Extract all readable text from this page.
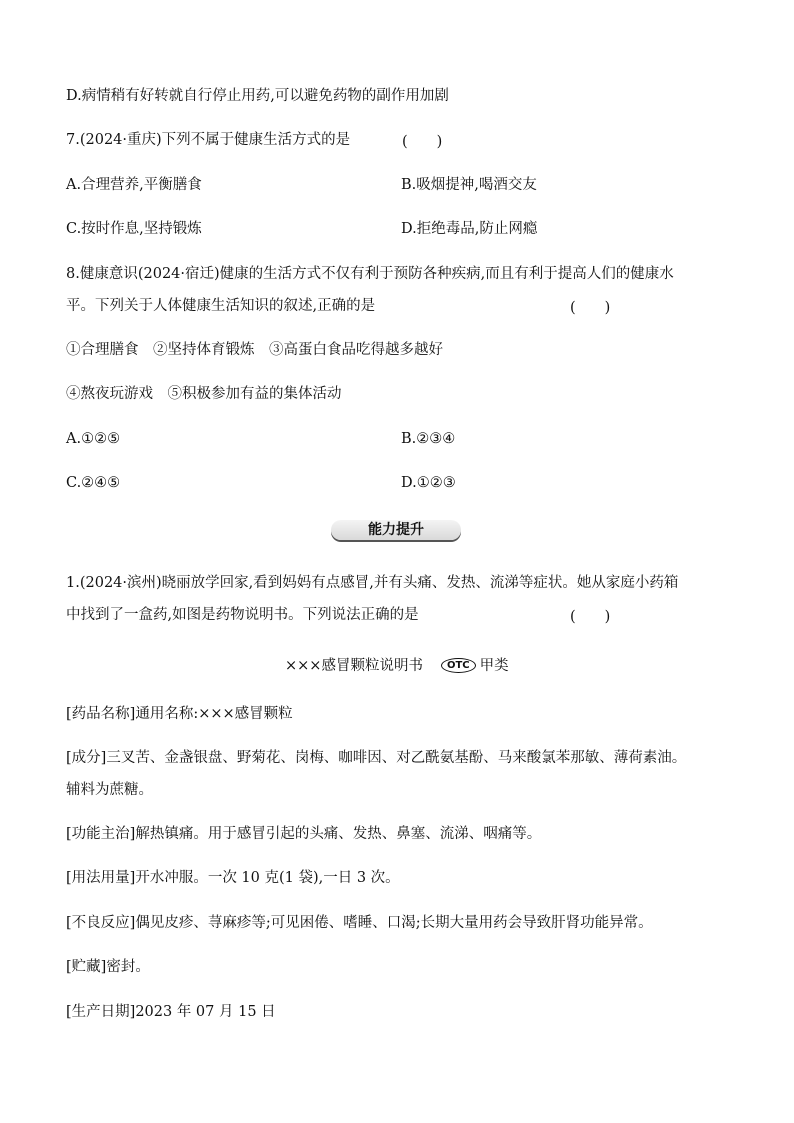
D.病情稍有好转就自行停止用药,可以避免药物的副作用加剧
7.(2024·重庆)下列不属于健康生活方式的是	(　　)
A.合理营养,平衡膳食	B.吸烟提神,喝酒交友
C.按时作息,坚持锻炼	D.拒绝毒品,防止网瘾
8.健康意识(2024·宿迁)健康的生活方式不仅有利于预防各种疾病,而且有利于提高人们的健康水
平。下列关于人体健康生活知识的叙述,正确的是	(　　)
①合理膳食　②坚持体育锻炼　③高蛋白食品吃得越多越好
④熬夜玩游戏　⑤积极参加有益的集体活动
A.①②⑤	B.②③④
C.②④⑤	D.①②③
能力提升
1.(2024·滨州)晓丽放学回家,看到妈妈有点感冒,并有头痛、发热、流涕等症状。她从家庭小药箱
中找到了一盒药,如图是药物说明书。下列说法正确的是	(　　)
×××感冒颗粒说明书 OTC 甲类
[药品名称]通用名称:×××感冒颗粒
[成分]三叉苦、金盏银盘、野菊花、岗梅、咖啡因、对乙酰氨基酚、马来酸氯苯那敏、薄荷素油。
辅料为蔗糖。
[功能主治]解热镇痛。用于感冒引起的头痛、发热、鼻塞、流涕、咽痛等。
[用法用量]开水冲服。一次 10 克(1 袋),一日 3 次。
[不良反应]偶见皮疹、荨麻疹等;可见困倦、嗜睡、口渴;长期大量用药会导致肝肾功能异常。
[贮藏]密封。
[生产日期]2023 年 07 月 15 日
